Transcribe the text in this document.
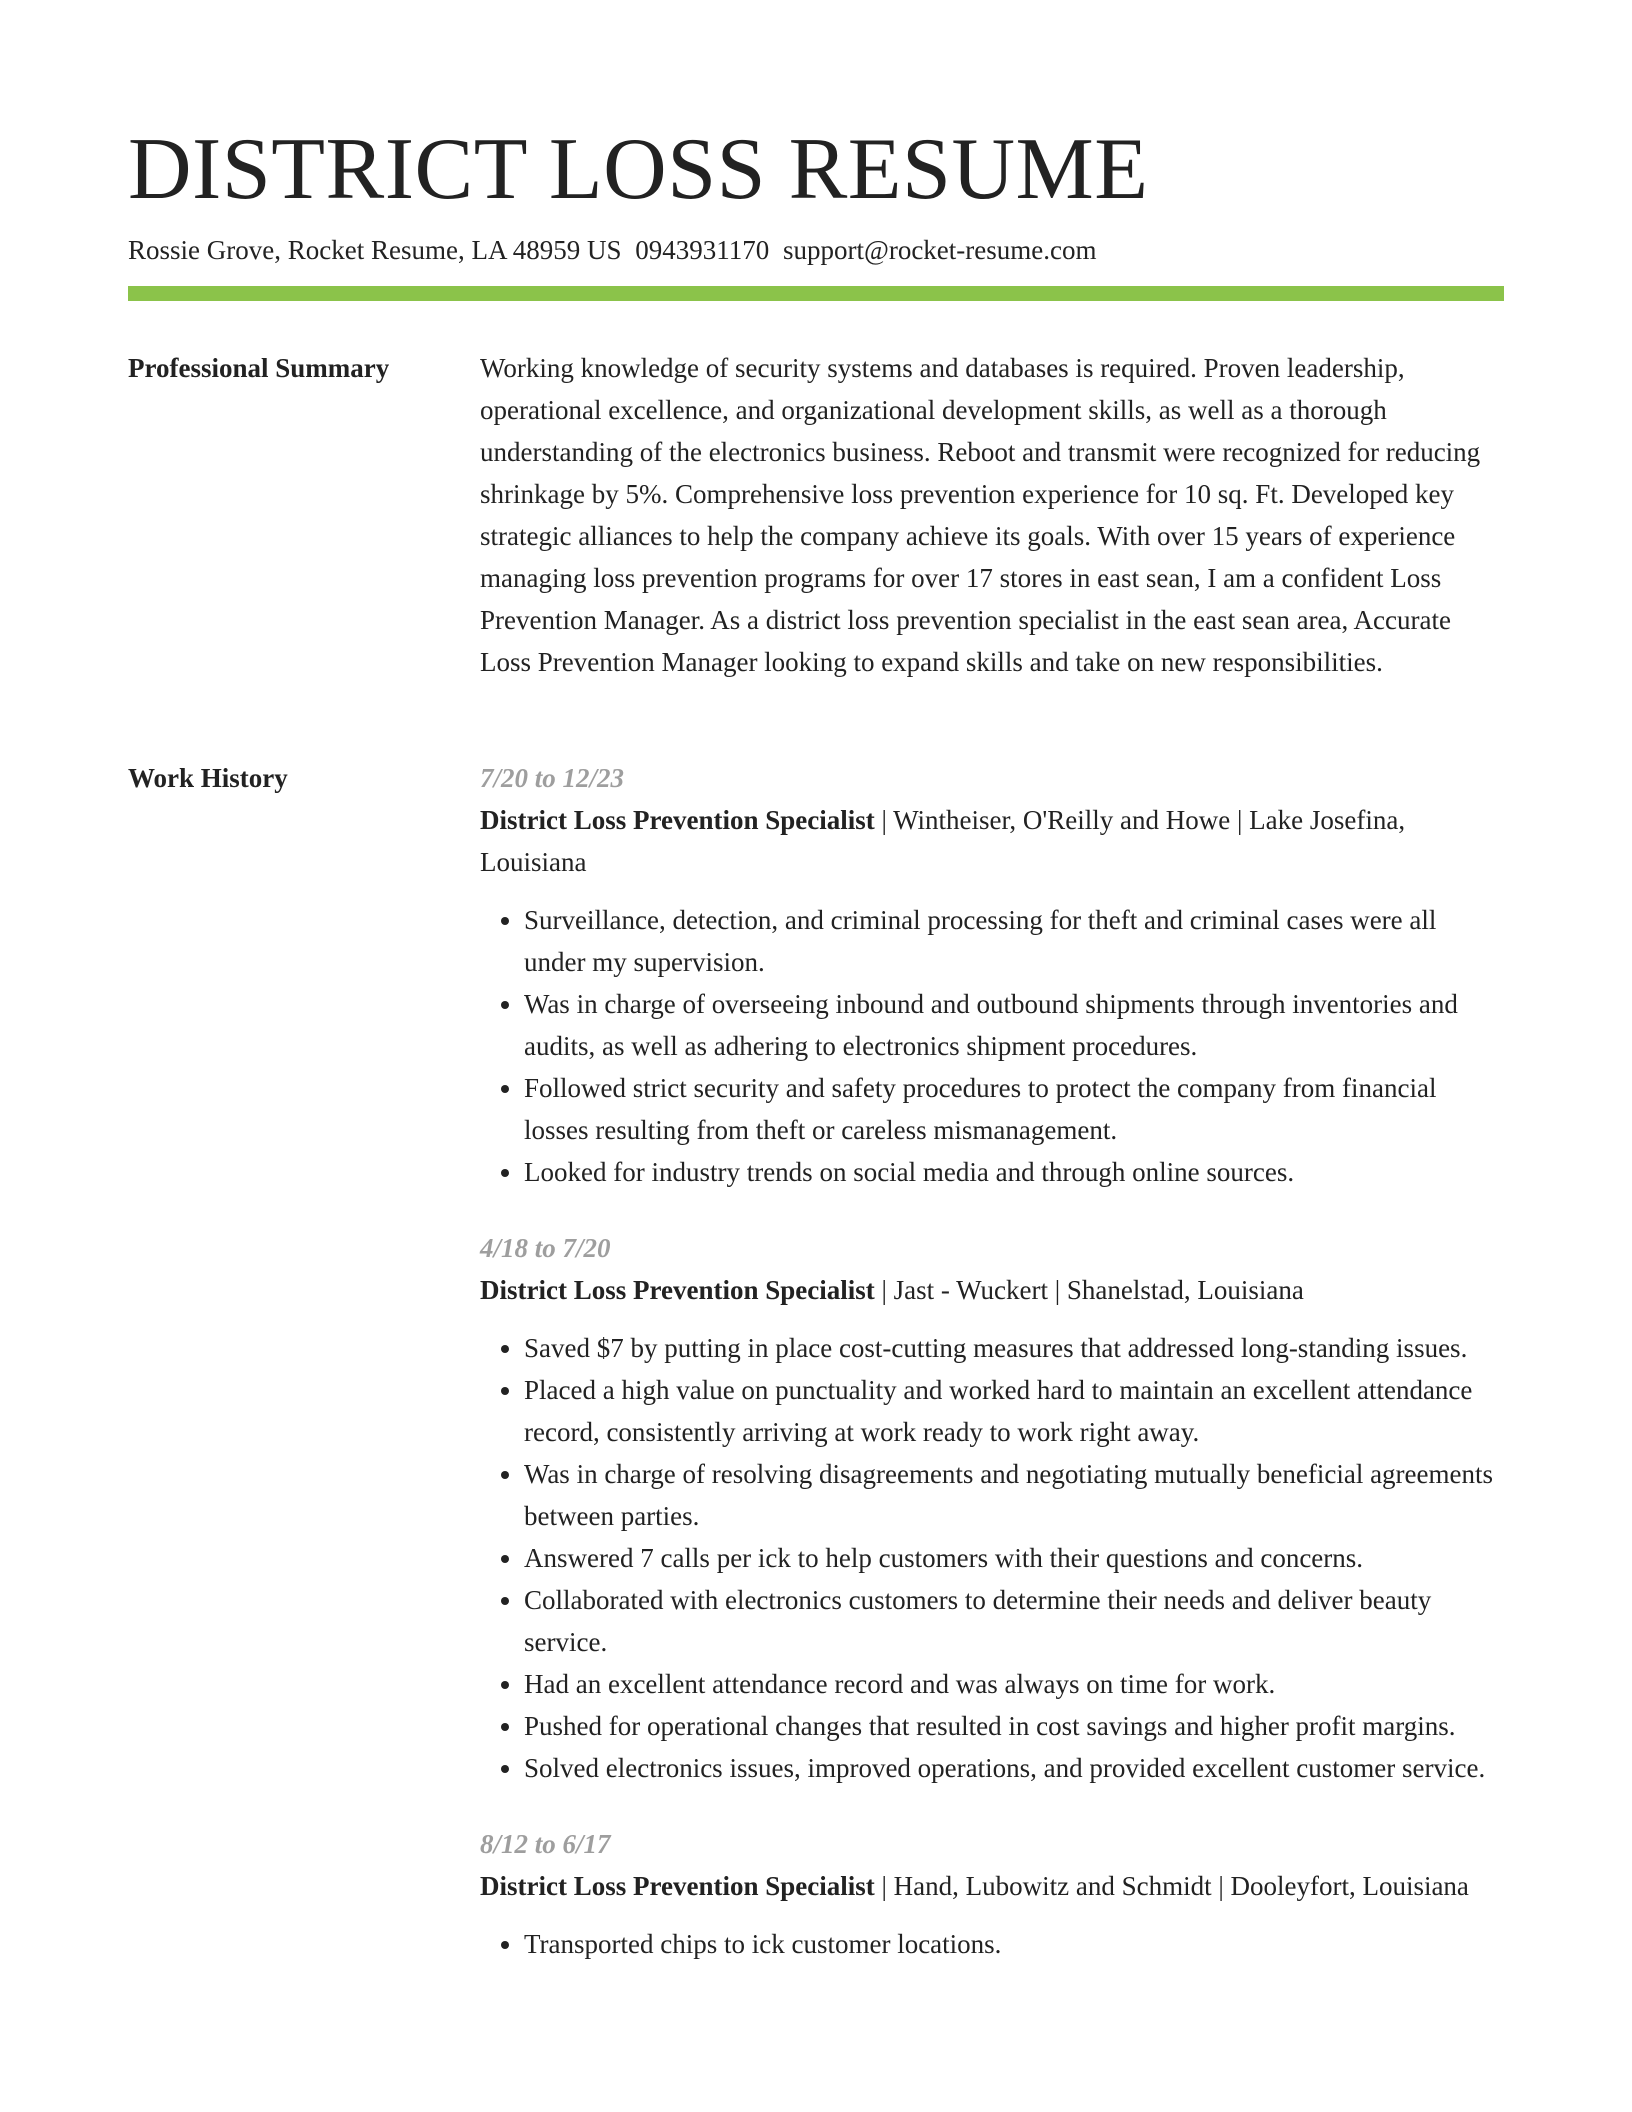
DISTRICT LOSS RESUME
Rossie Grove, Rocket Resume, LA 48959 US 0943931170 support@rocket-resume.com
Professional Summary	Working knowledge of security systems and databases is required. Proven leadership, operational excellence, and organizational development skills, as well as a thorough understanding of the electronics business. Reboot and transmit were recognized for reducing shrinkage by 5%. Comprehensive loss prevention experience for 10 sq. Ft. Developed key strategic alliances to help the company achieve its goals. With over 15 years of experience managing loss prevention programs for over 17 stores in east sean, I am a confident Loss Prevention Manager. As a district loss prevention specialist in the east sean area, Accurate Loss Prevention Manager looking to expand skills and take on new responsibilities.

Work History	7/20 to 12/23
District Loss Prevention Specialist | Wintheiser, O'Reilly and Howe | Lake Josefina, Louisiana
• Surveillance, detection, and criminal processing for theft and criminal cases were all under my supervision.
• Was in charge of overseeing inbound and outbound shipments through inventories and audits, as well as adhering to electronics shipment procedures.
• Followed strict security and safety procedures to protect the company from financial losses resulting from theft or careless mismanagement.
• Looked for industry trends on social media and through online sources.
4/18 to 7/20
District Loss Prevention Specialist | Jast - Wuckert | Shanelstad, Louisiana
• Saved $7 by putting in place cost-cutting measures that addressed long-standing issues.
• Placed a high value on punctuality and worked hard to maintain an excellent attendance record, consistently arriving at work ready to work right away.
• Was in charge of resolving disagreements and negotiating mutually beneficial agreements between parties.
• Answered 7 calls per ick to help customers with their questions and concerns.
• Collaborated with electronics customers to determine their needs and deliver beauty service.
• Had an excellent attendance record and was always on time for work.
• Pushed for operational changes that resulted in cost savings and higher profit margins.
• Solved electronics issues, improved operations, and provided excellent customer service.
8/12 to 6/17
District Loss Prevention Specialist | Hand, Lubowitz and Schmidt | Dooleyfort, Louisiana
• Transported chips to ick customer locations.
